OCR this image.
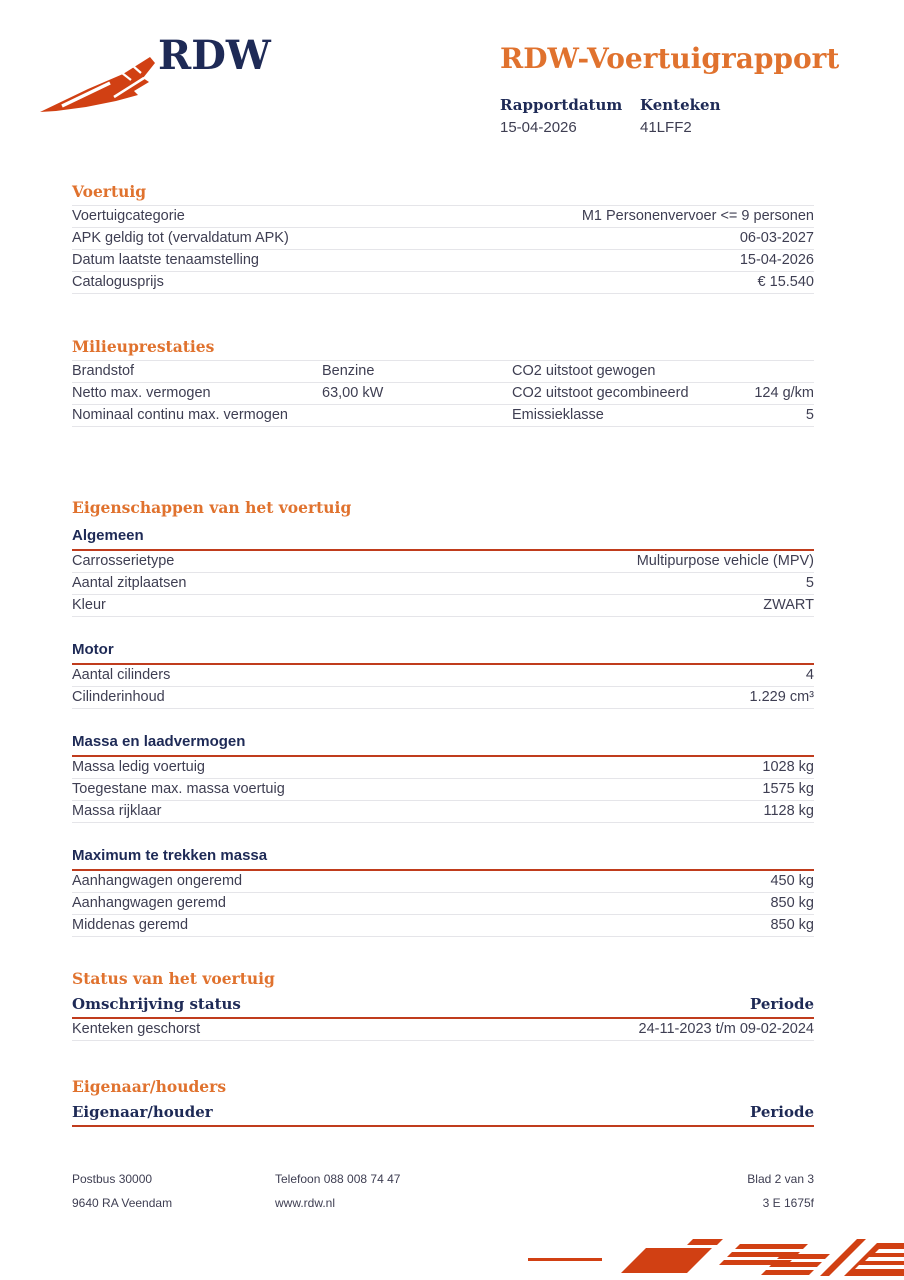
RDW	RDW-Voertuigrapport
Rapportdatum
15-04-2026
Kenteken
41LFF2
Voertuig
Voertuigcategorie	M1 Personenvervoer <= 9 personen
APK geldig tot (vervaldatum APK)	06-03-2027
Datum laatste tenaamstelling	15-04-2026
Catalogusprijs	€ 15.540
Milieuprestaties
Brandstof	Benzine	CO2 uitstoot gewogen
Netto max. vermogen	63,00 kW	CO2 uitstoot gecombineerd	124 g/km
Nominaal continu max. vermogen	Emissieklasse	5
Eigenschappen van het voertuig
Algemeen
Carrosserietype	Multipurpose vehicle (MPV)
Aantal zitplaatsen	5
Kleur	ZWART
Motor
Aantal cilinders	4
Cilinderinhoud	1.229 cm³
Massa en laadvermogen
Massa ledig voertuig	1028 kg
Toegestane max. massa voertuig	1575 kg
Massa rijklaar	1128 kg
Maximum te trekken massa
Aanhangwagen ongeremd	450 kg
Aanhangwagen geremd	850 kg
Middenas geremd	850 kg
Status van het voertuig
Omschrijving status	Periode
Kenteken geschorst	24-11-2023 t/m 09-02-2024
Eigenaar/houders
Eigenaar/houder	Periode
Postbus 30000
9640 RA Veendam
Telefoon 088 008 74 47
www.rdw.nl
Blad 2 van 3
3 E 1675f
